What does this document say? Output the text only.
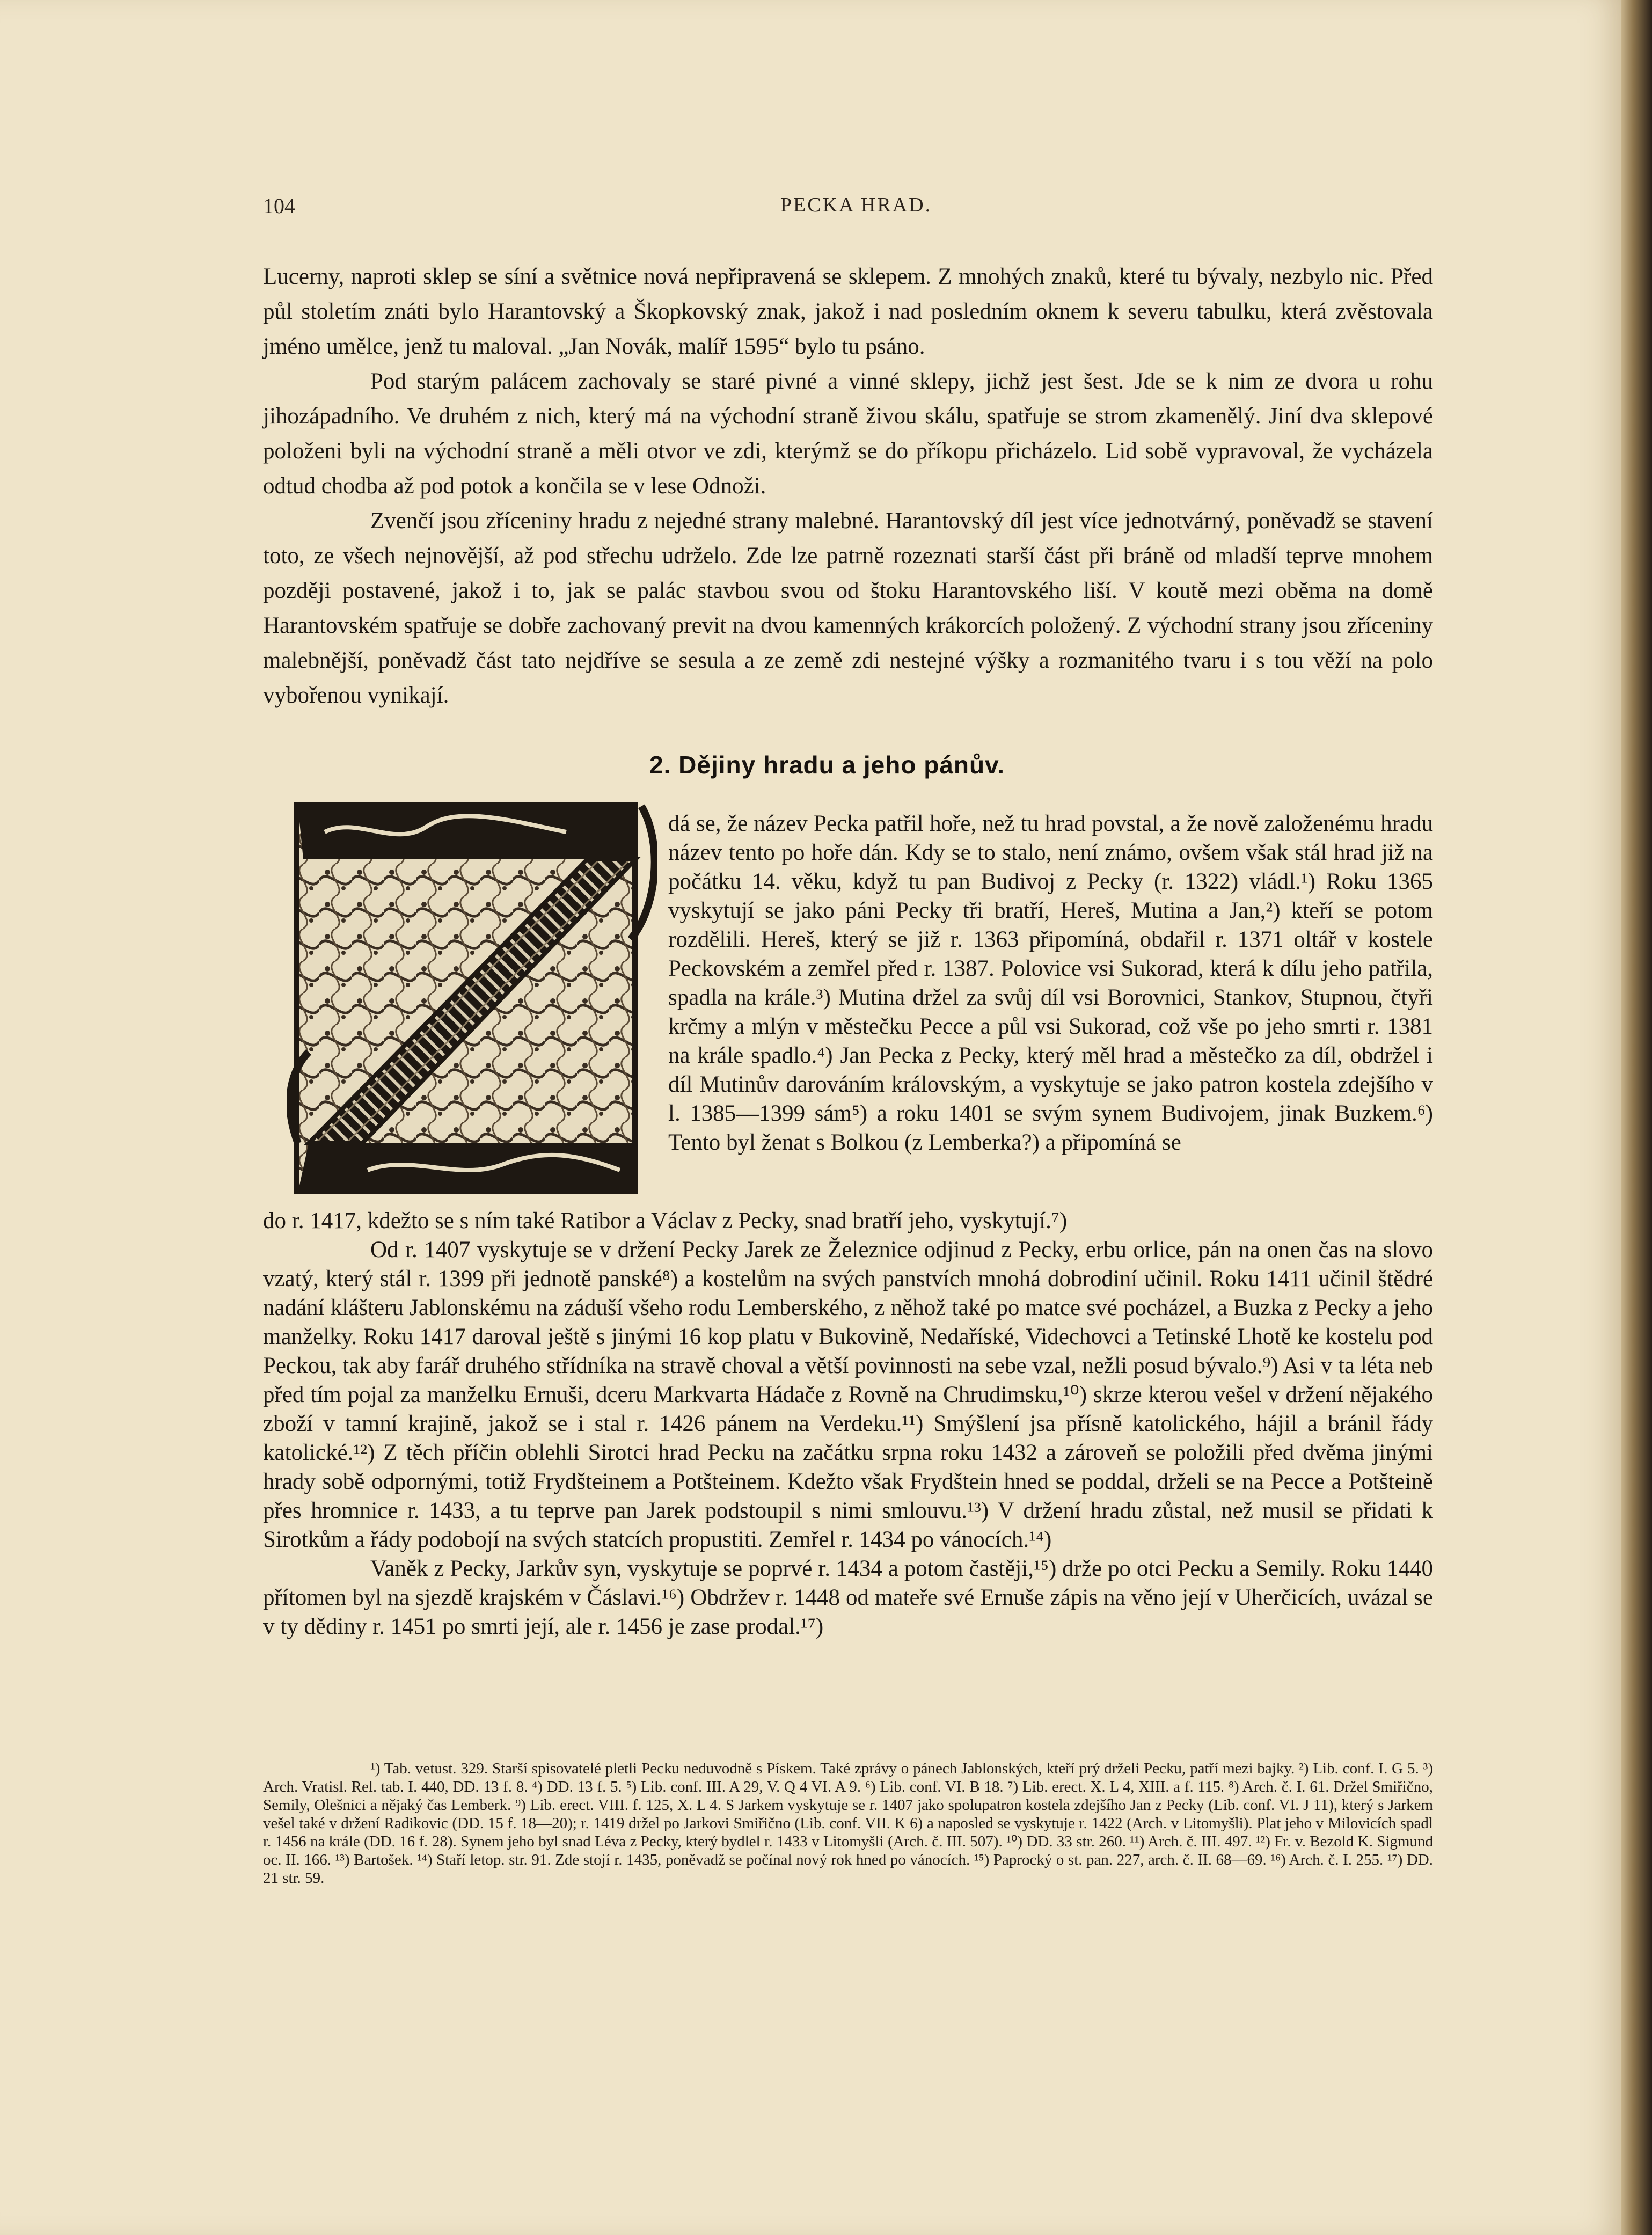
104	PECKA HRAD.

Lucerny, naproti sklep se síní a světnice nová nepřipravená se sklepem. Z mnohých znaků, které tu bývaly, nezbylo nic. Před půl stoletím znáti bylo Harantovský a Škopkovský znak, jakož i nad posledním oknem k severu tabulku, která zvěstovala jméno umělce, jenž tu maloval. „Jan Novák, malíř 1595“ bylo tu psáno.

Pod starým palácem zachovaly se staré pivné a vinné sklepy, jichž jest šest. Jde se k nim ze dvora u rohu jihozápadního. Ve druhém z nich, který má na východní straně živou skálu, spatřuje se strom zkamenělý. Jiní dva sklepové položeni byli na východní straně a měli otvor ve zdi, kterýmž se do příkopu přicházelo. Lid sobě vypravoval, že vycházela odtud chodba až pod potok a končila se v lese Odnoži.

Zvenčí jsou zříceniny hradu z nejedné strany malebné. Harantovský díl jest více jednotvárný, poněvadž se stavení toto, ze všech nejnovější, až pod střechu udrželo. Zde lze patrně rozeznati starší část při bráně od mladší teprve mnohem později postavené, jakož i to, jak se palác stavbou svou od štoku Harantovského liší. V koutě mezi oběma na domě Harantovském spatřuje se dobře zachovaný previt na dvou kamenných krákorcích položený. Z východní strany jsou zříceniny malebnější, poněvadž část tato nejdříve se sesula a ze země zdi nestejné výšky a rozmanitého tvaru i s tou věží na polo vybořenou vynikají.

2. Dějiny hradu a jeho pánův.
dá se, že název Pecka patřil hoře, než tu hrad povstal, a že nově založenému hradu název tento po hoře dán. Kdy se to stalo, není známo, ovšem však stál hrad již na počátku 14. věku, když tu pan Budivoj z Pecky (r. 1322) vládl.¹) Roku 1365 vyskytují se jako páni Pecky tři bratří, Hereš, Mutina a Jan,²) kteří se potom rozdělili. Hereš, který se již r. 1363 připomíná, obdařil r. 1371 oltář v kostele Peckovském a zemřel před r. 1387. Polovice vsi Sukorad, která k dílu jeho patřila, spadla na krále.³) Mutina držel za svůj díl vsi Borovnici, Stankov, Stupnou, čtyři krčmy a mlýn v městečku Pecce a půl vsi Sukorad, což vše po jeho smrti r. 1381 na krále spadlo.⁴) Jan Pecka z Pecky, který měl hrad a městečko za díl, obdržel i díl Mutinův darováním královským, a vyskytuje se jako patron kostela zdejšího v l. 1385—1399 sám⁵) a roku 1401 se svým synem Budivojem, jinak Buzkem.⁶) Tento byl ženat s Bolkou (z Lemberka?) a připomíná se

do r. 1417, kdežto se s ním také Ratibor a Václav z Pecky, snad bratří jeho, vyskytují.⁷)

Od r. 1407 vyskytuje se v držení Pecky Jarek ze Železnice odjinud z Pecky, erbu orlice, pán na onen čas na slovo vzatý, který stál r. 1399 při jednotě panské⁸) a kostelům na svých panstvích mnohá dobrodiní učinil. Roku 1411 učinil štědré nadání klášteru Jablonskému na záduší všeho rodu Lemberského, z něhož také po matce své pocházel, a Buzka z Pecky a jeho manželky. Roku 1417 daroval ještě s jinými 16 kop platu v Bukovině, Nedaříské, Videchovci a Tetinské Lhotě ke kostelu pod Peckou, tak aby farář druhého střídníka na stravě choval a větší povinnosti na sebe vzal, nežli posud bývalo.⁹) Asi v ta léta neb před tím pojal za manželku Ernuši, dceru Markvarta Hádače z Rovně na Chrudimsku,¹⁰) skrze kterou vešel v držení nějakého zboží v tamní krajině, jakož se i stal r. 1426 pánem na Verdeku.¹¹) Smýšlení jsa přísně katolického, hájil a bránil řády katolické.¹²) Z těch příčin oblehli Sirotci hrad Pecku na začátku srpna roku 1432 a zároveň se položili před dvěma jinými hrady sobě odpornými, totiž Frydšteinem a Potšteinem. Kdežto však Frydštein hned se poddal, drželi se na Pecce a Potšteině přes hromnice r. 1433, a tu teprve pan Jarek podstoupil s nimi smlouvu.¹³) V držení hradu zůstal, než musil se přidati k Sirotkům a řády podobojí na svých statcích propustiti. Zemřel r. 1434 po vánocích.¹⁴)

Vaněk z Pecky, Jarkův syn, vyskytuje se poprvé r. 1434 a potom častěji,¹⁵) drže po otci Pecku a Semily. Roku 1440 přítomen byl na sjezdě krajském v Čáslavi.¹⁶) Obdržev r. 1448 od mateře své Ernuše zápis na věno její v Uherčicích, uvázal se v ty dědiny r. 1451 po smrti její, ale r. 1456 je zase prodal.¹⁷)

¹) Tab. vetust. 329. Starší spisovatelé pletli Pecku neduvodně s Pískem. Také zprávy o pánech Jablonských, kteří prý drželi Pecku, patří mezi bajky. ²) Lib. conf. I. G 5. ³) Arch. Vratisl. Rel. tab. I. 440, DD. 13 f. 8. ⁴) DD. 13 f. 5. ⁵) Lib. conf. III. A 29, V. Q 4 VI. A 9. ⁶) Lib. conf. VI. B 18. ⁷) Lib. erect. X. L 4, XIII. a f. 115. ⁸) Arch. č. I. 61. Držel Smiřičnо, Semily, Olešnici a nějaký čas Lemberk. ⁹) Lib. erect. VIII. f. 125, X. L 4. S Jarkem vyskytuje se r. 1407 jako spolupatron kostela zdejšího Jan z Pecky (Lib. conf. VI. J 11), který s Jarkem vešel také v držení Radikovic (DD. 15 f. 18—20); r. 1419 držel po Jarkovi Smiřičnо (Lib. conf. VII. K 6) a naposled se vyskytuje r. 1422 (Arch. v Litomyšli). Plat jeho v Milovicích spadl r. 1456 na krále (DD. 16 f. 28). Synem jeho byl snad Léva z Pecky, který bydlel r. 1433 v Litomyšli (Arch. č. III. 507). ¹⁰) DD. 33 str. 260. ¹¹) Arch. č. III. 497. ¹²) Fr. v. Bezold K. Sigmund oc. II. 166. ¹³) Bartošek. ¹⁴) Staří letop. str. 91. Zde stojí r. 1435, poněvadž se počínal nový rok hned po vánocích. ¹⁵) Paprocký o st. pan. 227, arch. č. II. 68—69. ¹⁶) Arch. č. I. 255. ¹⁷) DD. 21 str. 59.
